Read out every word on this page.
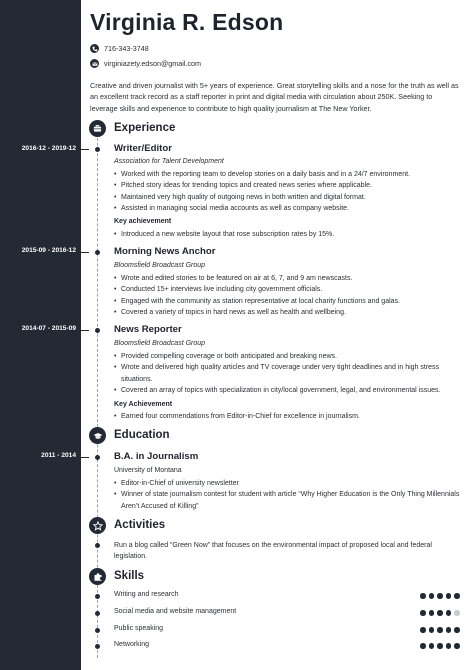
Virginia R. Edson
716-343-3748
virginiazety.edson@gmail.com
Creative and driven journalist with 5+ years of experience. Great storytelling skills and a nose for the truth as well as an excellent track record as a staff reporter in print and digital media with circulation about 250K. Seeking to leverage skills and experience to contribute to high quality journalism at The New Yorker.
Experience
2016-12 - 2019-12	Writer/Editor
Association for Talent Development
• Worked with the reporting team to develop stories on a daily basis and in a 24/7 environment.
• Pitched story ideas for trending topics and created news series where applicable.
• Maintained very high quality of outgoing news in both written and digital format.
• Assisted in managing social media accounts as well as company website.
Key achievement
• Introduced a new website layout that rose subscription rates by 15%.
2015-09 - 2016-12	Morning News Anchor
Bloomsfield Broadcast Group
• Wrote and edited stories to be featured on air at 6, 7, and 9 am newscasts.
• Conducted 15+ interviews live including city government officials.
• Engaged with the community as station representative at local charity functions and galas.
• Covered a variety of topics in hard news as well as health and wellbeing.
2014-07 - 2015-09	News Reporter
Bloomsfield Broadcast Group
• Provided compelling coverage or both anticipated and breaking news.
• Wrote and delivered high quality articles and TV coverage under very tight deadlines and in high stress situations.
• Covered an array of topics with specialization in city/local government, legal, and environmental issues.
Key Achievement
• Earned four commendations from Editor-in-Chief for excellence in journalism.
Education
2011 - 2014	B.A. in Journalism
University of Montana
• Editor-in-Chief of university newsletter
• Winner of state journalism contest for student with article “Why Higher Education is the Only Thing Millennials Aren’t Accused of Killing”
Activities
Run a blog called “Green Now” that focuses on the environmental impact of proposed local and federal legislation.
Skills
Writing and research
Social media and website management
Public speaking
Networking
